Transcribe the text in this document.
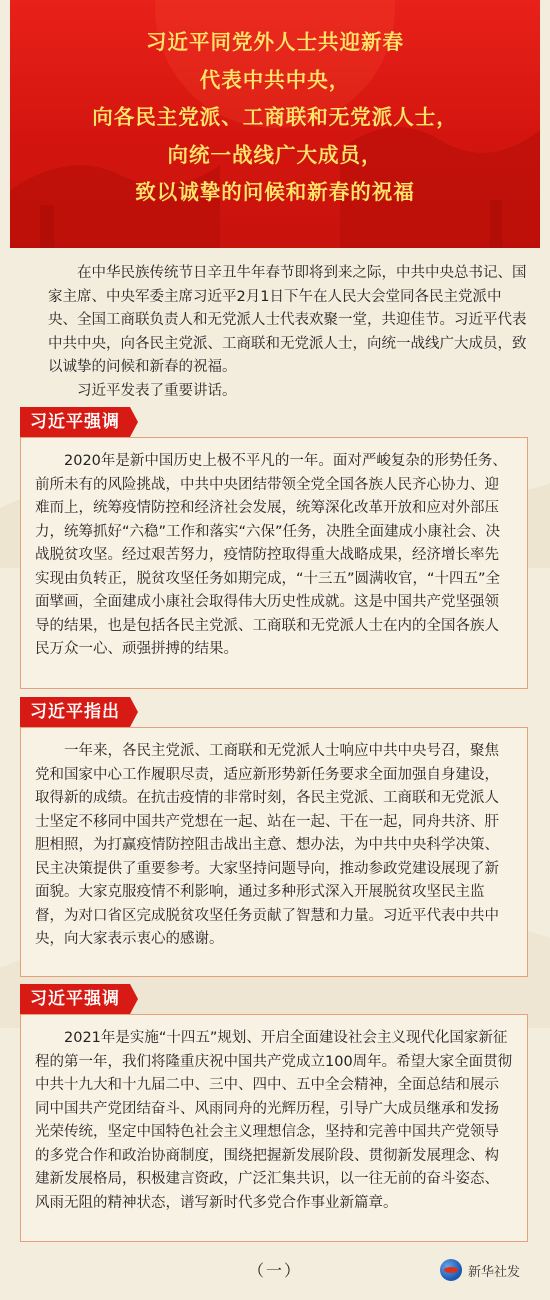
习近平同党外人士共迎新春
代表中共中央，
向各民主党派、工商联和无党派人士，
向统一战线广大成员，
致以诚挚的问候和新春的祝福

在中华民族传统节日辛丑牛年春节即将到来之际，中共中央总书记、国家主席、中央军委主席习近平2月1日下午在人民大会堂同各民主党派中央、全国工商联负责人和无党派人士代表欢聚一堂，共迎佳节。习近平代表中共中央，向各民主党派、工商联和无党派人士，向统一战线广大成员，致以诚挚的问候和新春的祝福。

习近平发表了重要讲话。

习近平强调

2020年是新中国历史上极不平凡的一年。面对严峻复杂的形势任务、前所未有的风险挑战，中共中央团结带领全党全国各族人民齐心协力、迎难而上，统筹疫情防控和经济社会发展，统筹深化改革开放和应对外部压力，统筹抓好“六稳”工作和落实“六保”任务，决胜全面建成小康社会、决战脱贫攻坚。经过艰苦努力，疫情防控取得重大战略成果，经济增长率先实现由负转正，脱贫攻坚任务如期完成，“十三五”圆满收官，“十四五”全面擘画，全面建成小康社会取得伟大历史性成就。这是中国共产党坚强领导的结果，也是包括各民主党派、工商联和无党派人士在内的全国各族人民万众一心、顽强拼搏的结果。

习近平指出

一年来，各民主党派、工商联和无党派人士响应中共中央号召，聚焦党和国家中心工作履职尽责，适应新形势新任务要求全面加强自身建设，取得新的成绩。在抗击疫情的非常时刻，各民主党派、工商联和无党派人士坚定不移同中国共产党想在一起、站在一起、干在一起，同舟共济、肝胆相照，为打赢疫情防控阻击战出主意、想办法，为中共中央科学决策、民主决策提供了重要参考。大家坚持问题导向，推动参政党建设展现了新面貌。大家克服疫情不利影响，通过多种形式深入开展脱贫攻坚民主监督，为对口省区完成脱贫攻坚任务贡献了智慧和力量。习近平代表中共中央，向大家表示衷心的感谢。

习近平强调

2021年是实施“十四五”规划、开启全面建设社会主义现代化国家新征程的第一年，我们将隆重庆祝中国共产党成立100周年。希望大家全面贯彻中共十九大和十九届二中、三中、四中、五中全会精神，全面总结和展示同中国共产党团结奋斗、风雨同舟的光辉历程，引导广大成员继承和发扬光荣传统，坚定中国特色社会主义理想信念，坚持和完善中国共产党领导的多党合作和政治协商制度，围绕把握新发展阶段、贯彻新发展理念、构建新发展格局，积极建言资政，广泛汇集共识，以一往无前的奋斗姿态、风雨无阻的精神状态，谱写新时代多党合作事业新篇章。

（一）	新华社发
